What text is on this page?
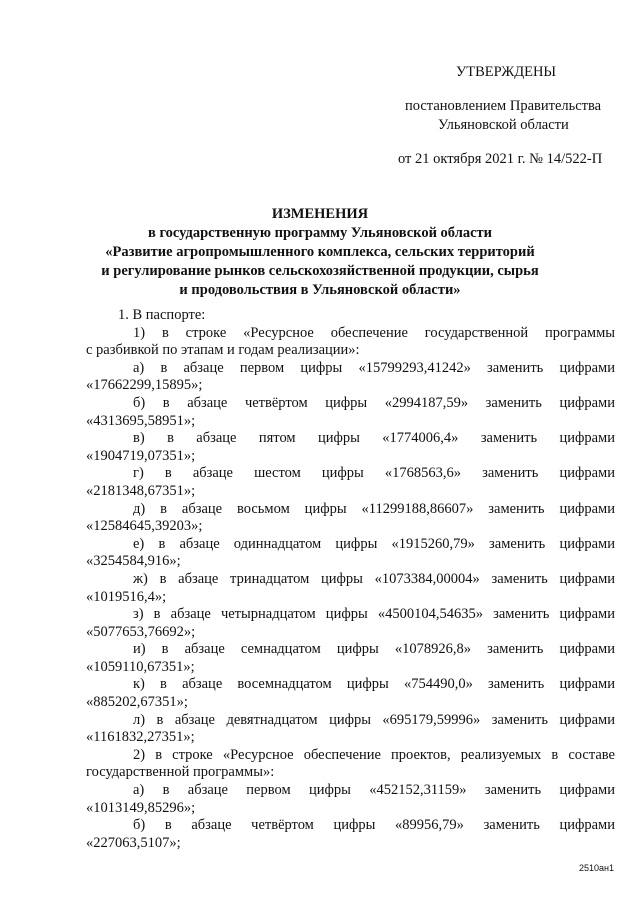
УТВЕРЖДЕНЫ
постановлением Правительства
Ульяновской области
от 21 октября 2021 г. № 14/522-П
ИЗМЕНЕНИЯ
в государственную программу Ульяновской области
«Развитие агропромышленного комплекса, сельских территорий
и регулирование рынков сельскохозяйственной продукции, сырья
и продовольствия в Ульяновской области»
1. В паспорте:
1) в строке «Ресурсное обеспечение государственной программы
с разбивкой по этапам и годам реализации»:
а) в абзаце первом цифры «15799293,41242» заменить цифрами
«17662299,15895»;
б) в абзаце четвёртом цифры «2994187,59» заменить цифрами
«4313695,58951»;
в) в абзаце пятом цифры «1774006,4» заменить цифрами
«1904719,07351»;
г) в абзаце шестом цифры «1768563,6» заменить цифрами
«2181348,67351»;
д) в абзаце восьмом цифры «11299188,86607» заменить цифрами
«12584645,39203»;
е) в абзаце одиннадцатом цифры «1915260,79» заменить цифрами
«3254584,916»;
ж) в абзаце тринадцатом цифры «1073384,00004» заменить цифрами
«1019516,4»;
з) в абзаце четырнадцатом цифры «4500104,54635» заменить цифрами
«5077653,76692»;
и) в абзаце семнадцатом цифры «1078926,8» заменить цифрами
«1059110,67351»;
к) в абзаце восемнадцатом цифры «754490,0» заменить цифрами
«885202,67351»;
л) в абзаце девятнадцатом цифры «695179,59996» заменить цифрами
«1161832,27351»;
2) в строке «Ресурсное обеспечение проектов, реализуемых в составе
государственной программы»:
а) в абзаце первом цифры «452152,31159» заменить цифрами
«1013149,85296»;
б) в абзаце четвёртом цифры «89956,79» заменить цифрами
«227063,5107»;
2510ан1
